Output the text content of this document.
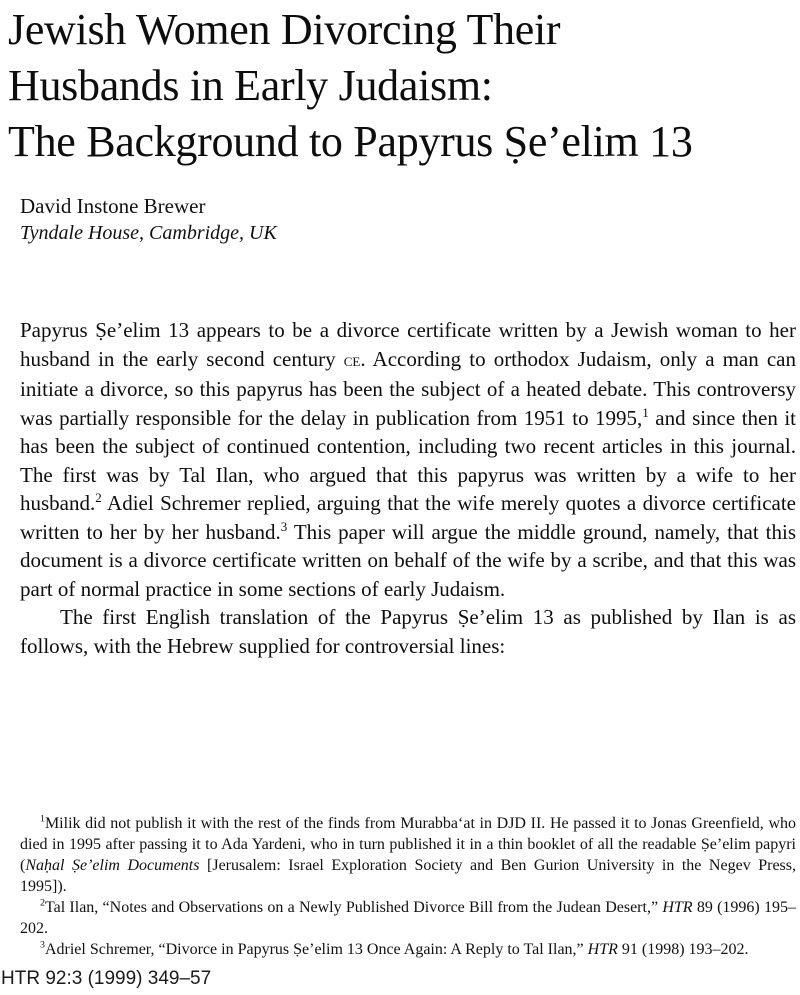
Jewish Women Divorcing Their
Husbands in Early Judaism:
The Background to Papyrus Ṣe’elim 13
David Instone Brewer
Tyndale House, Cambridge, UK

Papyrus Ṣe’elim 13 appears to be a divorce certificate written by a Jewish woman to her husband in the early second century ce. According to orthodox Judaism, only a man can initiate a divorce, so this papyrus has been the subject of a heated debate. This controversy was partially responsible for the delay in publication from 1951 to 1995,$^1$ and since then it has been the subject of continued contention, including two recent articles in this journal. The first was by Tal Ilan, who argued that this papyrus was written by a wife to her husband.$^2$ Adiel Schremer replied, arguing that the wife merely quotes a divorce certificate written to her by her husband.$^3$ This paper will argue the middle ground, namely, that this document is a divorce certificate written on behalf of the wife by a scribe, and that this was part of normal practice in some sections of early Judaism.

The first English translation of the Papyrus Ṣe’elim 13 as published by Ilan is as follows, with the Hebrew supplied for controversial lines:

$^1$Milik did not publish it with the rest of the finds from Murabba‘at in DJD II. He passed it to Jonas Greenfield, who died in 1995 after passing it to Ada Yardeni, who in turn published it in a thin booklet of all the readable Ṣe’elim papyri (Naḥal Ṣe’elim Documents [Jerusalem: Israel Exploration Society and Ben Gurion University in the Negev Press, 1995]).

$^2$Tal Ilan, “Notes and Observations on a Newly Published Divorce Bill from the Judean Desert,” HTR 89 (1996) 195–202.

$^3$Adriel Schremer, “Divorce in Papyrus Ṣe’elim 13 Once Again: A Reply to Tal Ilan,” HTR 91 (1998) 193–202.

HTR 92:3 (1999) 349–57
